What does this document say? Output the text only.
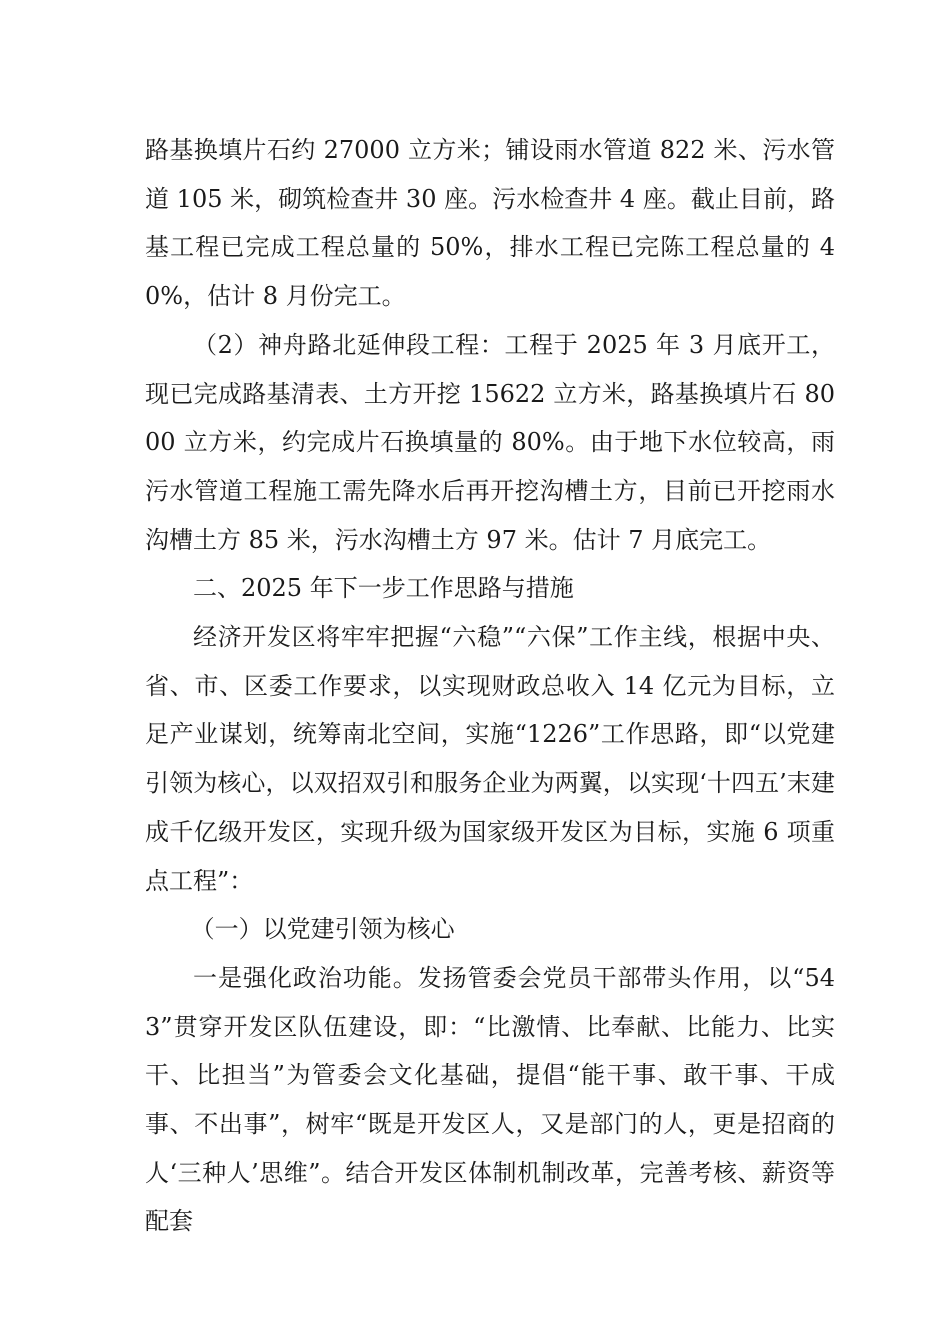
路基换填片石约 27000 立方米；铺设雨水管道 822 米、污水管道 105 米，砌筑检查井 30 座。污水检查井 4 座。截止目前，路基工程已完成工程总量的 50%，排水工程已完陈工程总量的 40%，估计 8 月份完工。

（2）神舟路北延伸段工程：工程于 2025 年 3 月底开工，现已完成路基清表、土方开挖 15622 立方米，路基换填片石 8000 立方米，约完成片石换填量的 80%。由于地下水位较高，雨污水管道工程施工需先降水后再开挖沟槽土方，目前已开挖雨水沟槽土方 85 米，污水沟槽土方 97 米。估计 7 月底完工。

二、2025 年下一步工作思路与措施

经济开发区将牢牢把握“六稳”“六保”工作主线，根据中央、省、市、区委工作要求，以实现财政总收入 14 亿元为目标，立足产业谋划，统筹南北空间，实施“1226”工作思路，即“以党建引领为核心，以双招双引和服务企业为两翼，以实现‘十四五’末建成千亿级开发区，实现升级为国家级开发区为目标，实施 6 项重点工程”：

（一）以党建引领为核心

一是强化政治功能。发扬管委会党员干部带头作用，以“543”贯穿开发区队伍建设，即：“比激情、比奉献、比能力、比实干、比担当”为管委会文化基础，提倡“能干事、敢干事、干成事、不出事”，树牢“既是开发区人，又是部门的人，更是招商的人‘三种人’思维”。结合开发区体制机制改革，完善考核、薪资等配套
